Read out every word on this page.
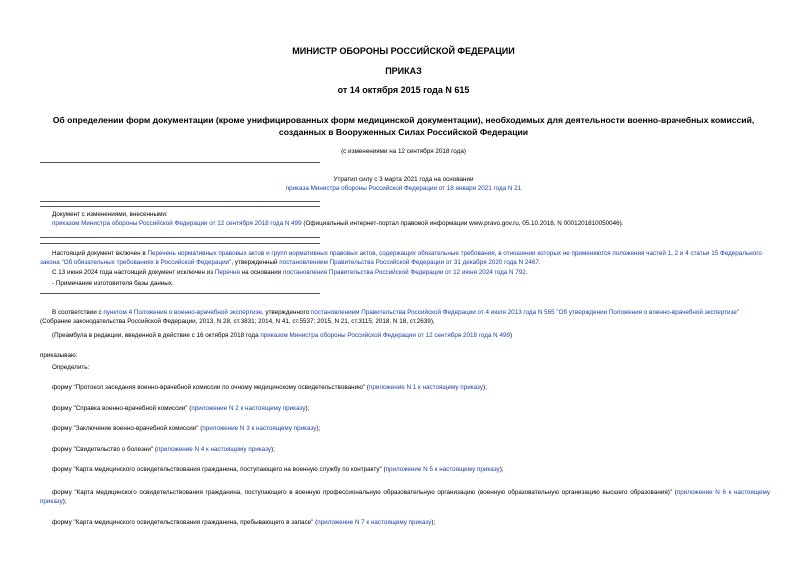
МИНИСТР ОБОРОНЫ РОССИЙСКОЙ ФЕДЕРАЦИИ
ПРИКАЗ
от 14 октября 2015 года N 615
Об определении форм документации (кроме унифицированных форм медицинской документации), необходимых для деятельности военно-врачебных комиссий,
созданных в Вооруженных Силах Российской Федерации
(с изменениями на 12 сентября 2018 года)
Утратил силу с 3 марта 2021 года на основании
приказа Министра обороны Российской Федерации от 18 января 2021 года N 21
Документ с изменениями, внесенными:
приказом Министра обороны Российской Федерации от 12 сентября 2018 года N 499 (Официальный интернет-портал правовой информации www.pravo.gov.ru, 05.10.2018, N 0001201810050046).
Настоящий документ включен в Перечень нормативных правовых актов и групп нормативных правовых актов, содержащих обязательные требования, в отношении которых не применяются положения частей 1, 2 и 4 статьи 15 Федерального закона "Об обязательных требованиях в Российской Федерации", утвержденный постановлением Правительства Российской Федерации от 31 декабря 2020 года N 2467.
С 13 июня 2024 года настоящий документ исключен из Перечня на основании постановления Правительства Российской Федерации от 12 июня 2024 года N 792.
- Примечание изготовителя базы данных.
В соответствии с пунктом 4 Положения о военно-врачебной экспертизе, утвержденного постановлением Правительства Российской Федерации от 4 июля 2013 года N 565 "Об утверждении Положения о военно-врачебной экспертизе" (Собрание законодательства Российской Федерации, 2013, N 28, ст.3831; 2014, N 41, ст.5537; 2015, N 21, ст.3115; 2018, N 18, ст.2639),
(Преамбула в редакции, введенной в действие с 16 октября 2018 года приказом Министра обороны Российской Федерации от 12 сентября 2018 года N 499)
приказываю:
Определить:
форму "Протокол заседания военно-врачебной комиссии по очному медицинскому освидетельствованию" (приложение N 1 к настоящему приказу);
форму "Справка военно-врачебной комиссии" (приложение N 2 к настоящему приказу);
форму "Заключение военно-врачебной комиссии" (приложение N 3 к настоящему приказу);
форму "Свидетельство о болезни" (приложение N 4 к настоящему приказу);
форму "Карта медицинского освидетельствования гражданина, поступающего на военную службу по контракту" (приложение N 5 к настоящему приказу);
форму "Карта медицинского освидетельствования гражданина, поступающего в военную профессиональную образовательную организацию (военную образовательную организацию высшего образования)" (приложение N 6 к настоящему приказу);
форму "Карта медицинского освидетельствования гражданина, пребывающего в запасе" (приложение N 7 к настоящему приказу);
